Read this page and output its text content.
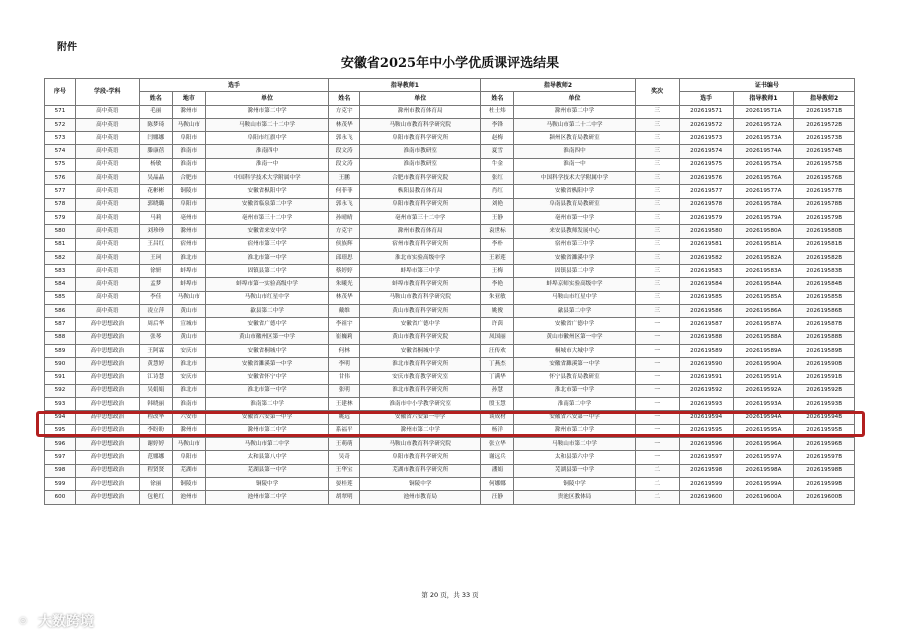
附件
安徽省2025年中小学优质课评选结果
序号	学段-学科	选手			指导教师1		指导教师2		奖次	证书编号		
		姓名	地市	单位	姓名	单位	姓名	单位		选手	指导教师1	指导教师2
571	高中英语	毛丽	滁州市	滁州市第二中学	方克宇	滁州市教育体育局	杜士炜	滁州市第二中学	三	202619571	202619571A	202619571B
572	高中英语	陈梦琦	马鞍山市	马鞍山市第二十二中学	林茂华	马鞍山市教育科学研究院	李锋	马鞍山市第二十二中学	三	202619572	202619572A	202619572B
573	高中英语	闫娜娜	阜阳市	阜阳市红旗中学	郭永飞	阜阳市教育科学研究所	赵梅	颍州区教育局教研室	三	202619573	202619573A	202619573B
574	高中英语	滕康蓓	淮南市	淮南四中	段文涛	淮南市教研室	夏雪	淮南四中	三	202619574	202619574A	202619574B
575	高中英语	杨敏	淮南市	淮南一中	段文涛	淮南市教研室	牛金	淮南一中	三	202619575	202619575A	202619575B
576	高中英语	吴晶晶	合肥市	中国科学技术大学附属中学	王鹏	合肥市教育科学研究院	张红	中国科学技术大学附属中学	三	202619576	202619576A	202619576B
577	高中英语	花彬彬	铜陵市	安徽省枞阳中学	何菲菲	枞阳县教育体育局	肖红	安徽省枞阳中学	三	202619577	202619577A	202619577B
578	高中英语	郭晓璐	阜阳市	安徽省临泉第二中学	郭永飞	阜阳市教育科学研究所	刘艳	阜南县教育局教研室	三	202619578	202619578A	202619578B
579	高中英语	马莉	亳州市	亳州市第三十二中学	孙晴晴	亳州市第三十二中学	王静	亳州市第一中学	三	202619579	202619579A	202619579B
580	高中英语	刘珍珍	滁州市	安徽省来安中学	方克宇	滁州市教育体育局	袁世标	来安县教师发展中心	三	202619580	202619580A	202619580B
581	高中英语	王昌红	宿州市	宿州市第三中学	侯族辉	宿州市教育科学研究所	李朴	宿州市第三中学	三	202619581	202619581A	202619581B
582	高中英语	王珂	淮北市	淮北市第一中学	邱璟思	淮北市实验高级中学	王彩莲	安徽省濉溪中学	三	202619582	202619582A	202619582B
583	高中英语	徐妍	蚌埠市	固镇县第二中学	蔡婷婷	蚌埠市第三中学	王梅	固镇县第二中学	三	202619583	202619583A	202619583B
584	高中英语	孟梦	蚌埠市	蚌埠市第一实验高级中学	朱曦光	蚌埠市教育科学研究所	李艳	蚌埠京师实验高级中学	三	202619584	202619584A	202619584B
585	高中英语	李佳	马鞍山市	马鞍山市红星中学	林茂华	马鞍山市教育科学研究院	朱亚敏	马鞍山市红星中学	三	202619585	202619585A	202619585B
586	高中英语	凌立萍	黄山市	歙县第二中学	戴维	黄山市教育科学研究所	姚俊	歙县第二中学	三	202619586	202619586A	202619586B
587	高中思想政治	周后华	宣城市	安徽省广德中学	李祖宇	安徽省广德中学	许茵	安徽省广德中学	一	202619587	202619587A	202619587B
588	高中思想政治	张琴	黄山市	黄山市徽州区第一中学	崔巍莉	黄山市教育科学研究院	凤国丽	黄山市徽州区第一中学	一	202619588	202619588A	202619588B
589	高中思想政治	王阿霖	安庆市	安徽省桐城中学	何林	安徽省桐城中学	汪传欢	桐城市大城中学	一	202619589	202619589A	202619589B
590	高中思想政治	黄慧婷	淮北市	安徽省濉溪第一中学	李明	淮北市教育科学研究所	丁燕杰	安徽省濉溪第一中学	一	202619590	202619590A	202619590B
591	高中思想政治	江诗慧	安庆市	安徽省怀宁中学	甘伟	安庆市教育教学研究室	丁满华	怀宁县教育局教研室	一	202619591	202619591A	202619591B
592	高中思想政治	吴娟娟	淮北市	淮北市第一中学	张明	淮北市教育科学研究所	孙慧	淮北市第一中学	一	202619592	202619592A	202619592B
593	高中思想政治	韩晓丽	淮南市	淮南第二中学	王建林	淮南市中小学教学研究室	殷玉慧	淮南第二中学	一	202619593	202619593A	202619593B
594	高中思想政治	程改华	六安市	安徽省六安第一中学	姚远	安徽省六安第一中学	谈成材	安徽省六安第一中学	一	202619594	202619594A	202619594B
595	高中思想政治	李盼盼	滁州市	滁州市第二中学	系福平	滁州市第二中学	杨洋	滁州市第二中学	一	202619595	202619595A	202619595B
596	高中思想政治	谢婷婷	马鞍山市	马鞍山市第二中学	王萌萌	马鞍山市教育科学研究院	张立华	马鞍山市第二中学	一	202619596	202619596A	202619596B
597	高中思想政治	范娜娜	阜阳市	太和县第八中学	吴奇	阜阳市教育科学研究所	谢远兵	太和县第六中学	一	202619597	202619597A	202619597B
598	高中思想政治	程贤贤	芜湖市	芜湖县第一中学	王华宝	芜湖市教育科学研究所	潘娟	芜湖县第一中学	二	202619598	202619598A	202619598B
599	高中思想政治	徐丽	铜陵市	铜陵中学	晏桂莲	铜陵中学	何娜娜	铜陵中学	二	202619599	202619599A	202619599B
600	高中思想政治	包艳红	池州市	池州市第二中学	胡翠明	池州市教育局	汪静	贵池区教体局	二	202619600	202619600A	202619600B
第 20 页，共 33 页
◎ 大数跨境
